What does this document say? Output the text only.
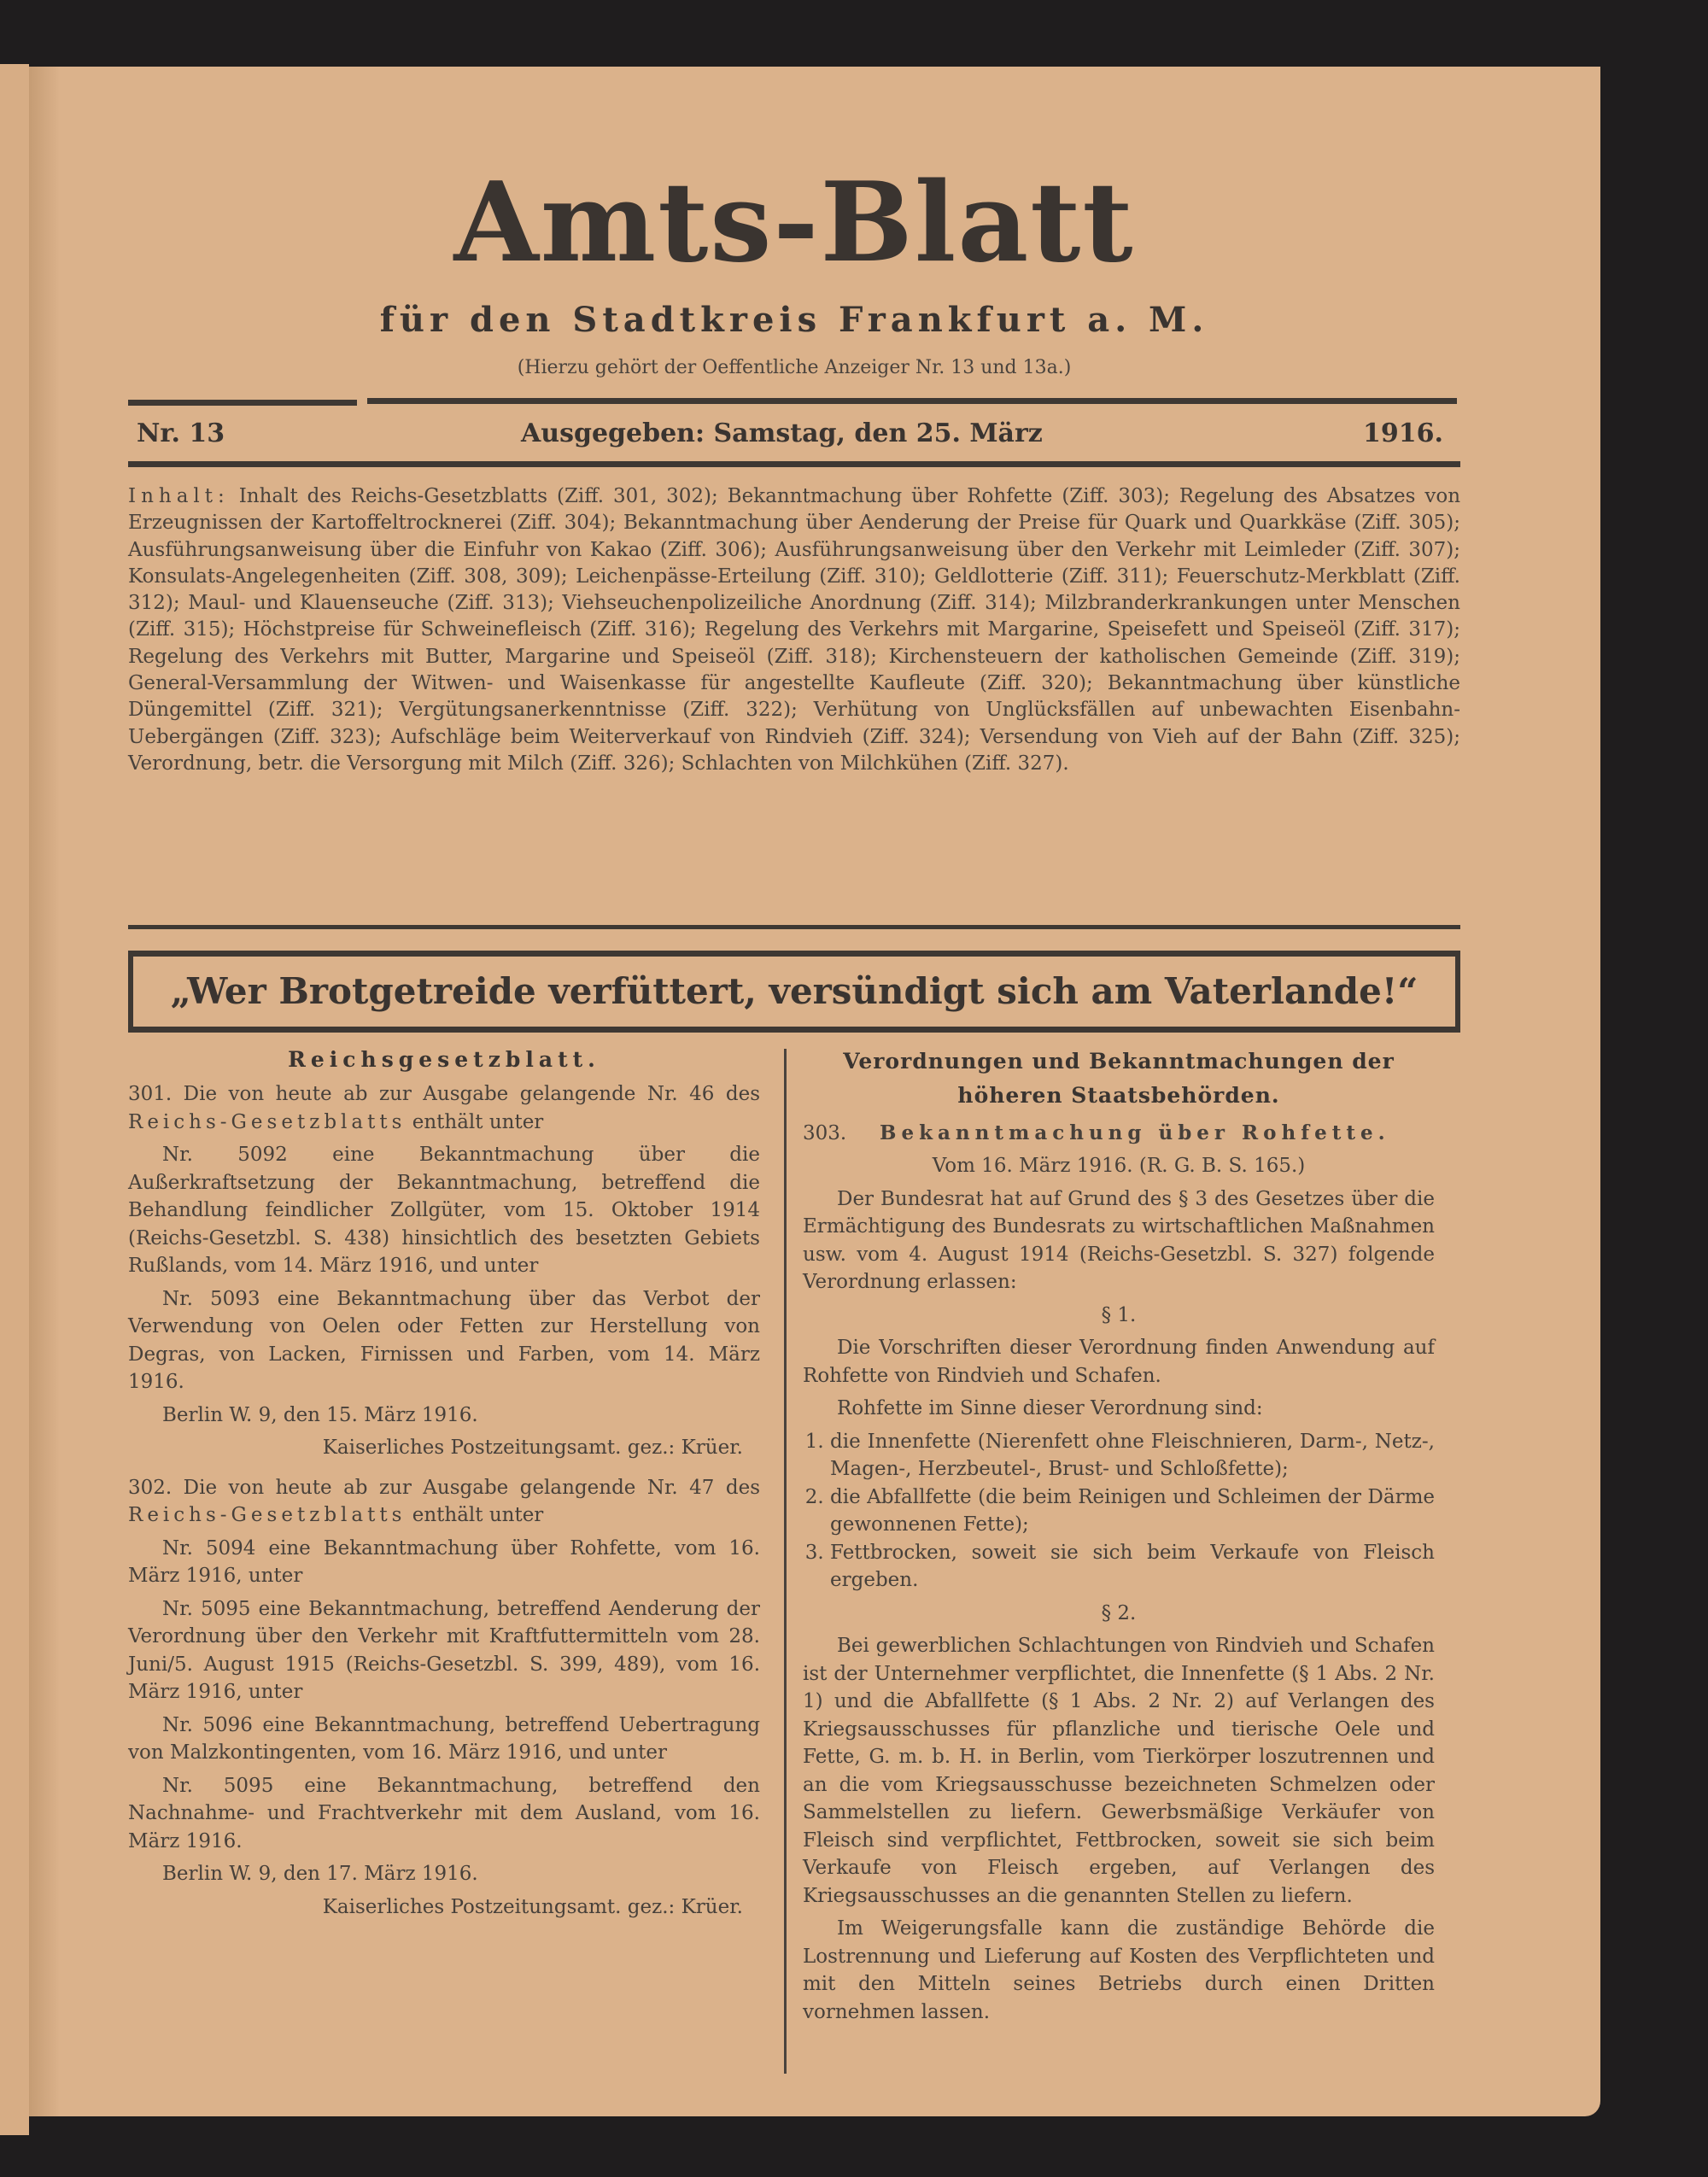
Amts-Blatt
für den Stadtkreis Frankfurt a. M.
(Hierzu gehört der Oeffentliche Anzeiger Nr. 13 und 13a.)
Nr. 13	Ausgegeben: Samstag, den 25. März	1916.
Inhalt: Inhalt des Reichs-Gesetzblatts (Ziff. 301, 302); Bekanntmachung über Rohfette (Ziff. 303); Regelung des Absatzes von Erzeugnissen der Kartoffeltrocknerei (Ziff. 304); Bekanntmachung über Aenderung der Preise für Quark und Quarkkäse (Ziff. 305); Ausführungsanweisung über die Einfuhr von Kakao (Ziff. 306); Ausführungsanweisung über den Verkehr mit Leimleder (Ziff. 307); Konsulats-Angelegenheiten (Ziff. 308, 309); Leichenpässe-Erteilung (Ziff. 310); Geldlotterie (Ziff. 311); Feuerschutz-Merkblatt (Ziff. 312); Maul- und Klauenseuche (Ziff. 313); Viehseuchenpolizeiliche Anordnung (Ziff. 314); Milzbranderkrankungen unter Menschen (Ziff. 315); Höchstpreise für Schweinefleisch (Ziff. 316); Regelung des Verkehrs mit Margarine, Speisefett und Speiseöl (Ziff. 317); Regelung des Verkehrs mit Butter, Margarine und Speiseöl (Ziff. 318); Kirchensteuern der katholischen Gemeinde (Ziff. 319); General-Versammlung der Witwen- und Waisenkasse für angestellte Kaufleute (Ziff. 320); Bekanntmachung über künstliche Düngemittel (Ziff. 321); Vergütungsanerkenntnisse (Ziff. 322); Verhütung von Unglücksfällen auf unbewachten Eisenbahn-Uebergängen (Ziff. 323); Aufschläge beim Weiterverkauf von Rindvieh (Ziff. 324); Versendung von Vieh auf der Bahn (Ziff. 325); Verordnung, betr. die Versorgung mit Milch (Ziff. 326); Schlachten von Milchkühen (Ziff. 327).
„Wer Brotgetreide verfüttert, versündigt sich am Vaterlande!“
Reichsgesetzblatt.

301. Die von heute ab zur Ausgabe gelangende Nr. 46 des Reichs-Gesetzblatts enthält unter

Nr. 5092 eine Bekanntmachung über die Außerkraftsetzung der Bekanntmachung, betreffend die Behandlung feindlicher Zollgüter, vom 15. Oktober 1914 (Reichs-Gesetzbl. S. 438) hinsichtlich des besetzten Gebiets Rußlands, vom 14. März 1916, und unter

Nr. 5093 eine Bekanntmachung über das Verbot der Verwendung von Oelen oder Fetten zur Herstellung von Degras, von Lacken, Firnissen und Farben, vom 14. März 1916.

Berlin W. 9, den 15. März 1916.

Kaiserliches Postzeitungsamt. gez.: Krüer.

302. Die von heute ab zur Ausgabe gelangende Nr. 47 des Reichs-Gesetzblatts enthält unter

Nr. 5094 eine Bekanntmachung über Rohfette, vom 16. März 1916, unter

Nr. 5095 eine Bekanntmachung, betreffend Aenderung der Verordnung über den Verkehr mit Kraftfuttermitteln vom 28. Juni/5. August 1915 (Reichs-Gesetzbl. S. 399, 489), vom 16. März 1916, unter

Nr. 5096 eine Bekanntmachung, betreffend Uebertragung von Malzkontingenten, vom 16. März 1916, und unter

Nr. 5095 eine Bekanntmachung, betreffend den Nachnahme- und Frachtverkehr mit dem Ausland, vom 16. März 1916.

Berlin W. 9, den 17. März 1916.

Kaiserliches Postzeitungsamt. gez.: Krüer.

Verordnungen und Bekanntmachungen der höheren Staatsbehörden.
303.	Bekanntmachung über Rohfette.

Vom 16. März 1916. (R. G. B. S. 165.)

Der Bundesrat hat auf Grund des § 3 des Gesetzes über die Ermächtigung des Bundesrats zu wirtschaftlichen Maßnahmen usw. vom 4. August 1914 (Reichs-Gesetzbl. S. 327) folgende Verordnung erlassen:

§ 1.

Die Vorschriften dieser Verordnung finden Anwendung auf Rohfette von Rindvieh und Schafen.

Rohfette im Sinne dieser Verordnung sind:

1. die Innenfette (Nierenfett ohne Fleischnieren, Darm-, Netz-, Magen-, Herzbeutel-, Brust- und Schloßfette);
2. die Abfallfette (die beim Reinigen und Schleimen der Därme gewonnenen Fette);
3. Fettbrocken, soweit sie sich beim Verkaufe von Fleisch ergeben.

§ 2.

Bei gewerblichen Schlachtungen von Rindvieh und Schafen ist der Unternehmer verpflichtet, die Innenfette (§ 1 Abs. 2 Nr. 1) und die Abfallfette (§ 1 Abs. 2 Nr. 2) auf Verlangen des Kriegsausschusses für pflanzliche und tierische Oele und Fette, G. m. b. H. in Berlin, vom Tierkörper loszutrennen und an die vom Kriegsausschusse bezeichneten Schmelzen oder Sammelstellen zu liefern. Gewerbsmäßige Verkäufer von Fleisch sind verpflichtet, Fettbrocken, soweit sie sich beim Verkaufe von Fleisch ergeben, auf Verlangen des Kriegsausschusses an die genannten Stellen zu liefern.

Im Weigerungsfalle kann die zuständige Behörde die Lostrennung und Lieferung auf Kosten des Verpflichteten und mit den Mitteln seines Betriebs durch einen Dritten vornehmen lassen.
